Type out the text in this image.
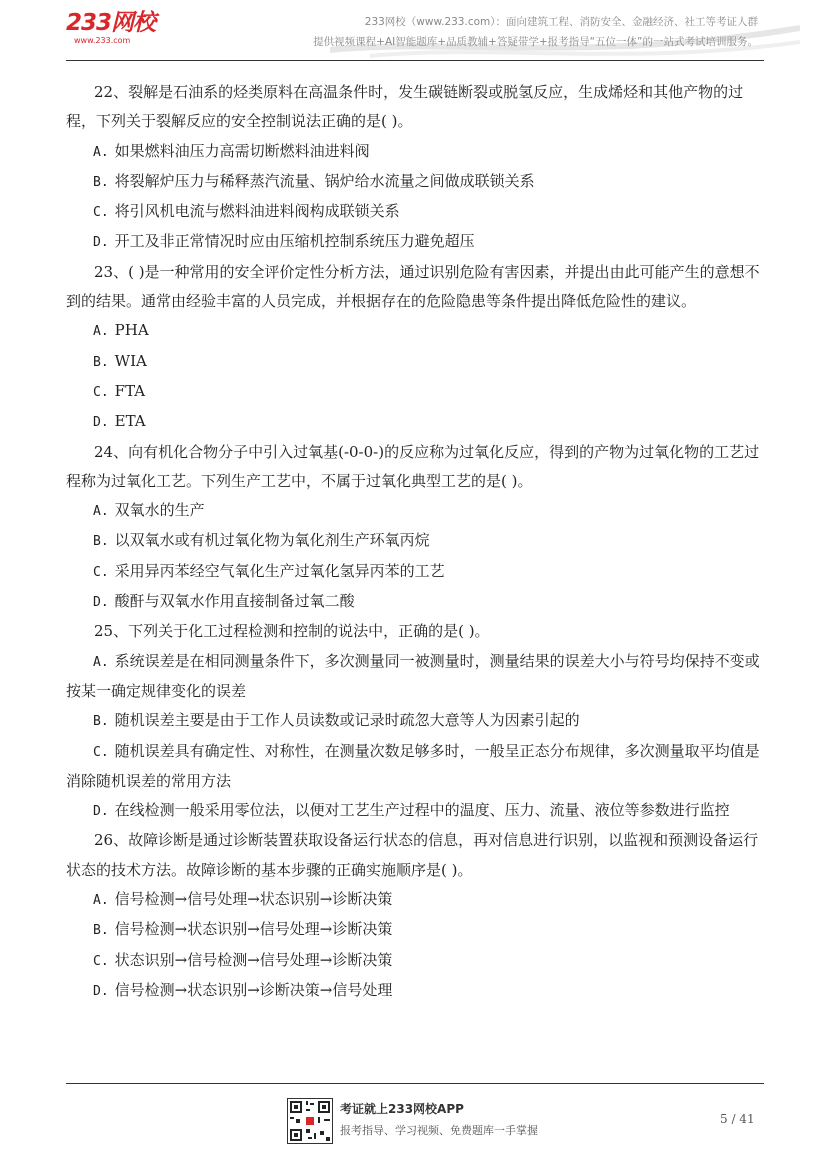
233网校
www.233.com
233网校（www.233.com）：面向建筑工程、消防安全、金融经济、社工等考证人群
提供视频课程+AI智能题库+品质教辅+答疑带学+报考指导“五位一体”的一站式考试培训服务。

22、裂解是石油系的烃类原料在高温条件时，发生碳链断裂或脱氢反应，生成烯烃和其他产物的过程，下列关于裂解反应的安全控制说法正确的是( )。

A. 如果燃料油压力高需切断燃料油进料阀

B. 将裂解炉压力与稀释蒸汽流量、锅炉给水流量之间做成联锁关系

C. 将引风机电流与燃料油进料阀构成联锁关系

D. 开工及非正常情况时应由压缩机控制系统压力避免超压

23、( )是一种常用的安全评价定性分析方法，通过识别危险有害因素，并提出由此可能产生的意想不到的结果。通常由经验丰富的人员完成，并根据存在的危险隐患等条件提出降低危险性的建议。

A. PHA

B. WIA

C. FTA

D. ETA

24、向有机化合物分子中引入过氧基(-0-0-)的反应称为过氧化反应，得到的产物为过氧化物的工艺过程称为过氧化工艺。下列生产工艺中，不属于过氧化典型工艺的是( )。

A. 双氧水的生产

B. 以双氧水或有机过氧化物为氧化剂生产环氧丙烷

C. 采用异丙苯经空气氧化生产过氧化氢异丙苯的工艺

D. 酸酐与双氧水作用直接制备过氧二酸

25、下列关于化工过程检测和控制的说法中，正确的是( )。

A. 系统误差是在相同测量条件下，多次测量同一被测量时，测量结果的误差大小与符号均保持不变或按某一确定规律变化的误差

B. 随机误差主要是由于工作人员读数或记录时疏忽大意等人为因素引起的

C. 随机误差具有确定性、对称性，在测量次数足够多时，一般呈正态分布规律，多次测量取平均值是消除随机误差的常用方法

D. 在线检测一般采用零位法，以便对工艺生产过程中的温度、压力、流量、液位等参数进行监控

26、故障诊断是通过诊断装置获取设备运行状态的信息，再对信息进行识别，以监视和预测设备运行状态的技术方法。故障诊断的基本步骤的正确实施顺序是( )。

A. 信号检测→信号处理→状态识别→诊断决策

B. 信号检测→状态识别→信号处理→诊断决策

C. 状态识别→信号检测→信号处理→诊断决策

D. 信号检测→状态识别→诊断决策→信号处理

考证就上233网校APP
报考指导、学习视频、免费题库一手掌握
5 / 41
